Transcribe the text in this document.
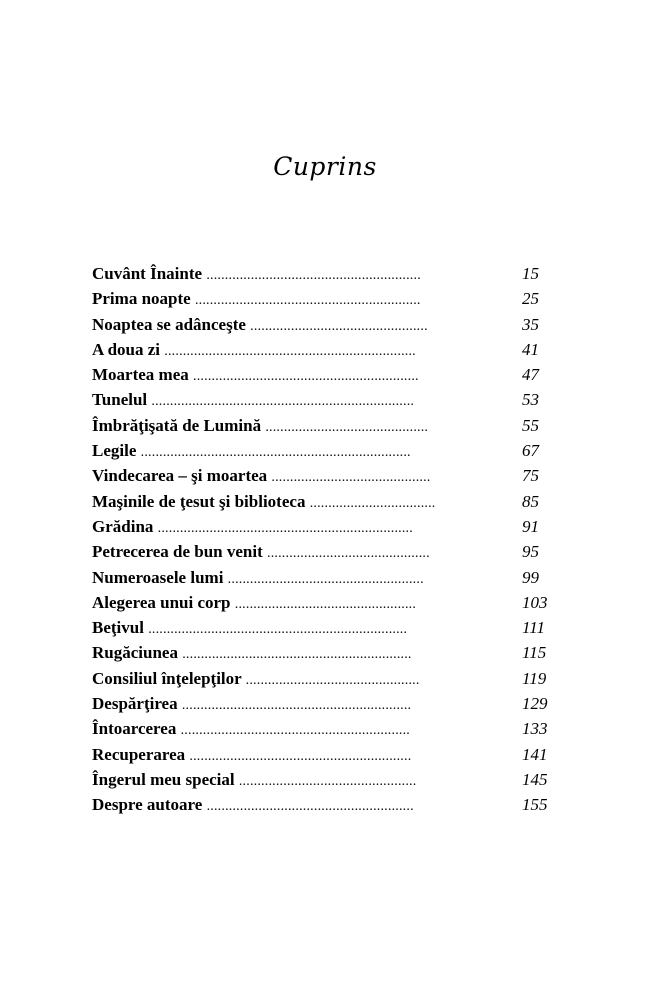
Cuprins
Cuvânt Înainte ..........................................................	15
Prima noapte .............................................................	25
Noaptea se adânceşte ................................................	35
A doua zi ....................................................................	41
Moartea mea .............................................................	47
Tunelul .......................................................................	53
Îmbrăţişată de Lumină ............................................	55
Legile .........................................................................	67
Vindecarea – şi moartea ...........................................	75
Maşinile de ţesut şi biblioteca ..................................	85
Grădina .....................................................................	91
Petrecerea de bun venit ............................................	95
Numeroasele lumi .....................................................	99
Alegerea unui corp .................................................	103
Beţivul ......................................................................	111
Rugăciunea ..............................................................	115
Consiliul înţelepţilor ...............................................	119
Despărţirea ..............................................................	129
Întoarcerea ..............................................................	133
Recuperarea ............................................................	141
Îngerul meu special ................................................	145
Despre autoare ........................................................	155
